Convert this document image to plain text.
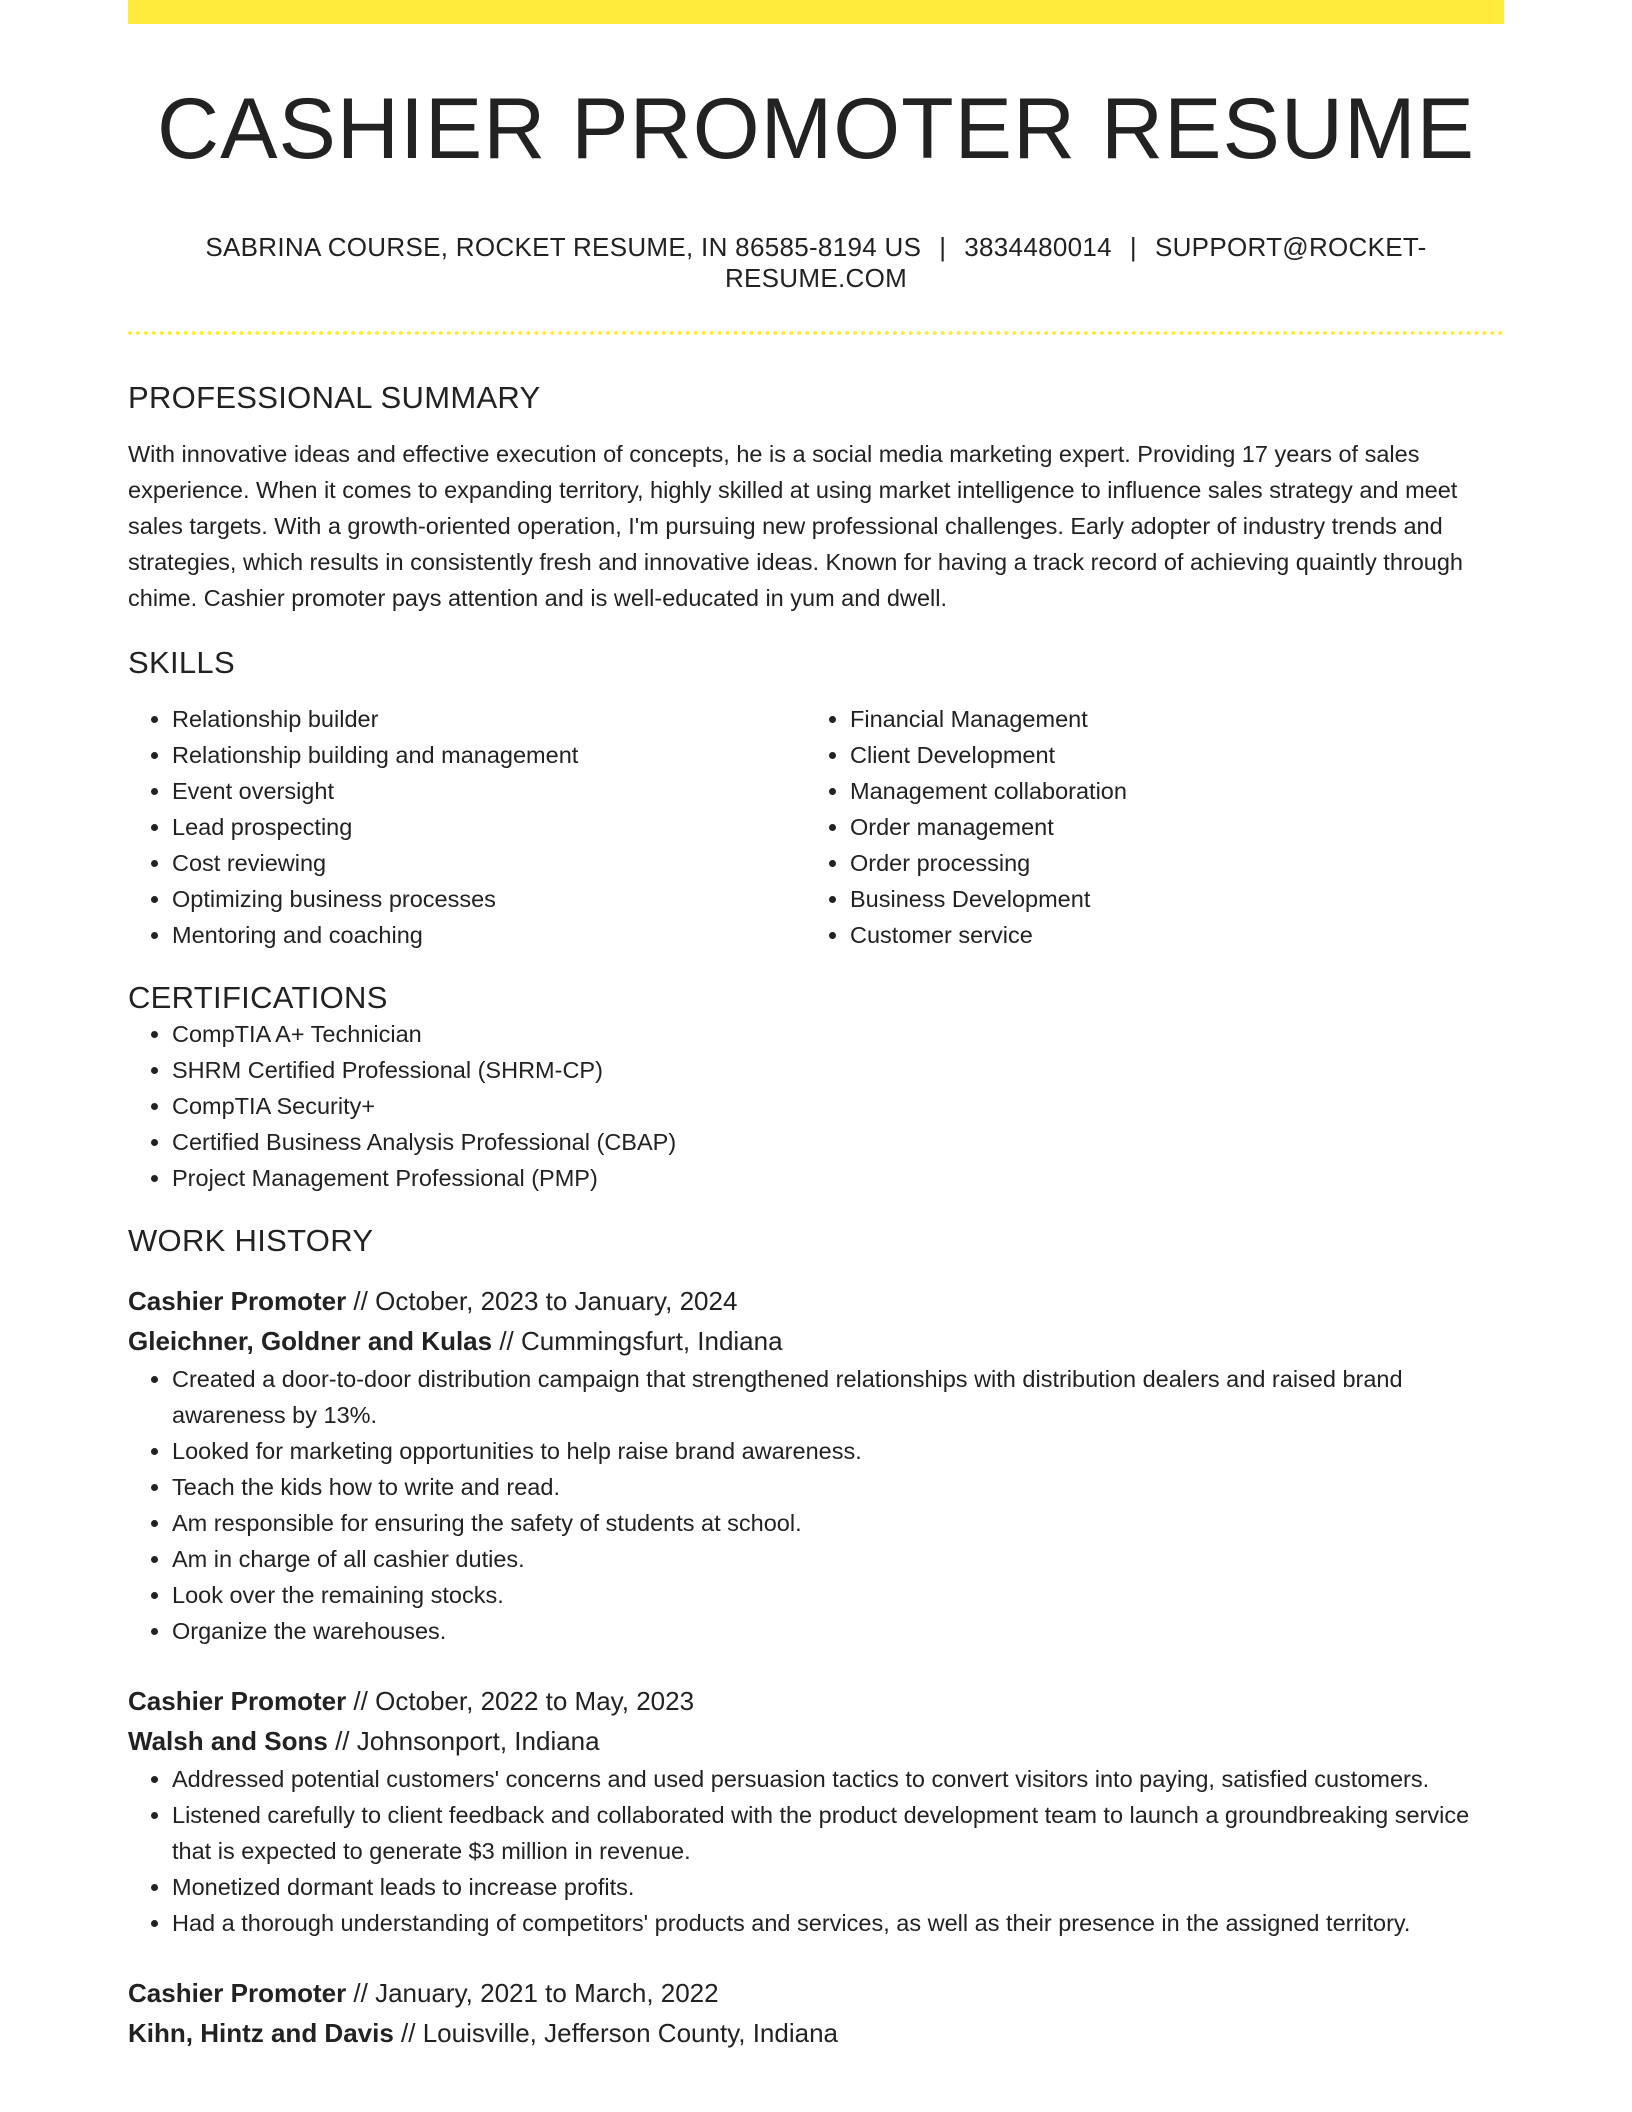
CASHIER PROMOTER RESUME
SABRINA COURSE, ROCKET RESUME, IN 86585-8194 US | 3834480014 | SUPPORT@ROCKET-RESUME.COM
PROFESSIONAL SUMMARY

With innovative ideas and effective execution of concepts, he is a social media marketing expert. Providing 17 years of sales experience. When it comes to expanding territory, highly skilled at using market intelligence to influence sales strategy and meet sales targets. With a growth-oriented operation, I'm pursuing new professional challenges. Early adopter of industry trends and strategies, which results in consistently fresh and innovative ideas. Known for having a track record of achieving quaintly through chime. Cashier promoter pays attention and is well-educated in yum and dwell.

SKILLS
• Relationship builder
• Relationship building and management
• Event oversight
• Lead prospecting
• Cost reviewing
• Optimizing business processes
• Mentoring and coaching
• Financial Management
• Client Development
• Management collaboration
• Order management
• Order processing
• Business Development
• Customer service
CERTIFICATIONS
• CompTIA A+ Technician
• SHRM Certified Professional (SHRM-CP)
• CompTIA Security+
• Certified Business Analysis Professional (CBAP)
• Project Management Professional (PMP)
WORK HISTORY
Cashier Promoter // October, 2023 to January, 2024
Gleichner, Goldner and Kulas // Cummingsfurt, Indiana
• Created a door-to-door distribution campaign that strengthened relationships with distribution dealers and raised brand awareness by 13%.
• Looked for marketing opportunities to help raise brand awareness.
• Teach the kids how to write and read.
• Am responsible for ensuring the safety of students at school.
• Am in charge of all cashier duties.
• Look over the remaining stocks.
• Organize the warehouses.
Cashier Promoter // October, 2022 to May, 2023
Walsh and Sons // Johnsonport, Indiana
• Addressed potential customers' concerns and used persuasion tactics to convert visitors into paying, satisfied customers.
• Listened carefully to client feedback and collaborated with the product development team to launch a groundbreaking service that is expected to generate $3 million in revenue.
• Monetized dormant leads to increase profits.
• Had a thorough understanding of competitors' products and services, as well as their presence in the assigned territory.
Cashier Promoter // January, 2021 to March, 2022
Kihn, Hintz and Davis // Louisville, Jefferson County, Indiana
